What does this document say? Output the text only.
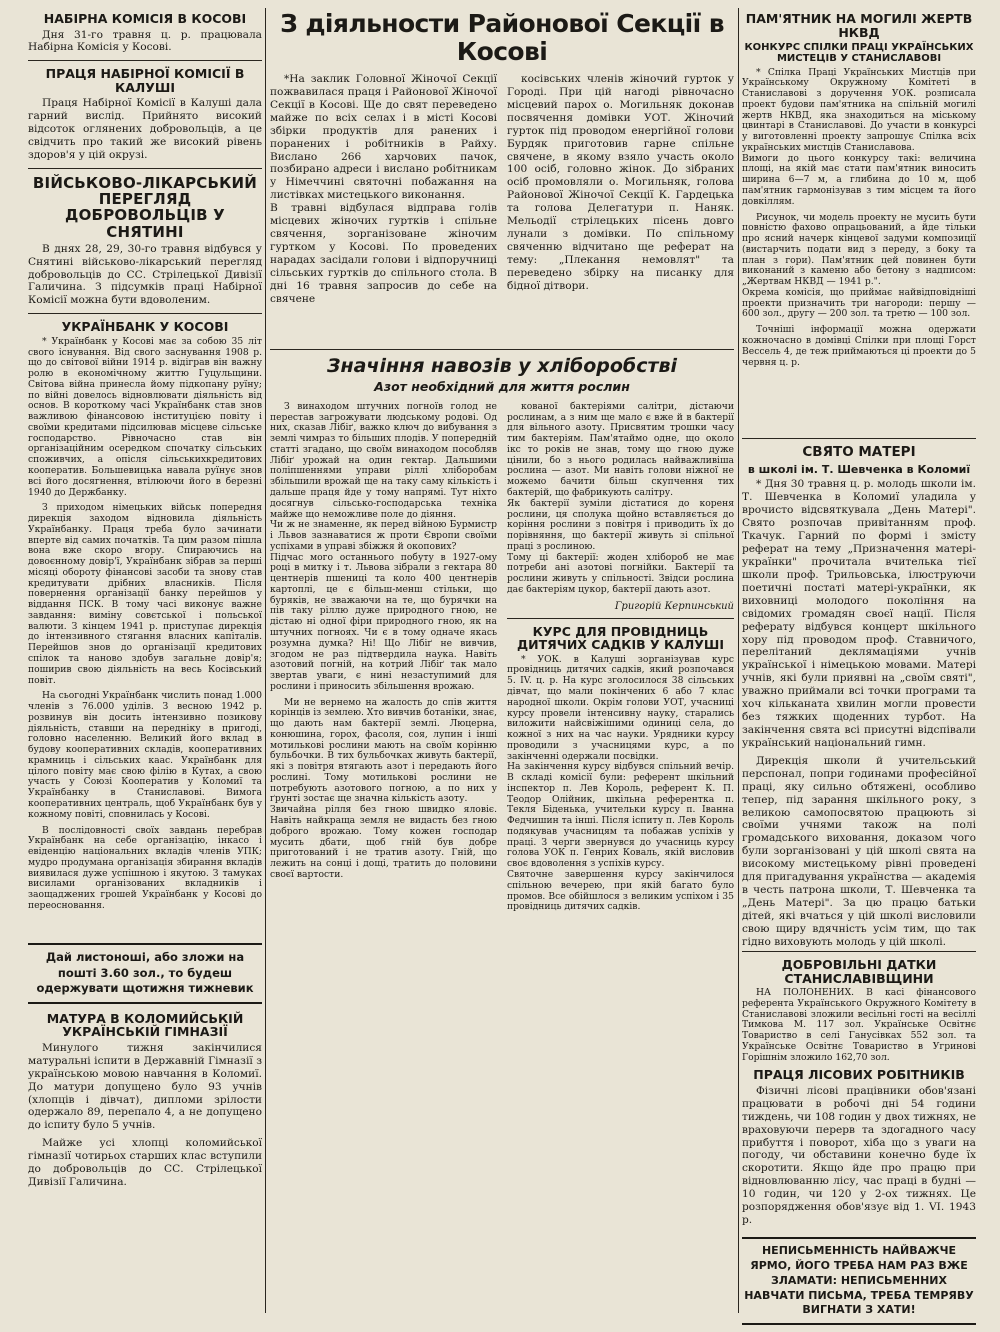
НАБІРНА КОМІСІЯ В КОСОВІ

Дня 31-го травня ц. р. працювала Набірна Комісія у Косові.

ПРАЦЯ НАБІРНОЇ КОМІСІЇ В КАЛУШІ

Праця Набірної Комісії в Калуші дала гарний вислід. Прийнято високий відсоток оглянених добровольців, а це свідчить про такий же високий рівень здоров'я у цій окрузі.

ВІЙСЬКОВО-ЛІКАРСЬКИЙ ПЕРЕГЛЯД ДОБРОВОЛЬЦІВ У СНЯТИНІ

В днях 28, 29, 30-го травня відбувся у Снятині військово-лікарський перегляд добровольців до СС. Стрілецької Дивізії Галичина. З підсумків праці Набірної Комісії можна бути вдоволеним.

УКРАЇНБАНК У КОСОВІ

* Українбанк у Косові має за собою 35 літ свого існування. Від свого заснування 1908 р. що до світової війни 1914 р. відіграв він важну ролю в економічному життю Гуцульщини. Світова війна принесла йому підкопану руїну; по війні довелось відновлювати діяльність від основ. В короткому часі Українбанк став знов важливою фінансовою інституцією повіту і своїми кредитами підсилював місцеве сільське господарство. Рівночасно став він організаційним осередком спочатку сільських споживчих, а опісля сільськихкредитових кооператив. Большевицька навала руїнує знов всі його досягнення, втілюючи його в березні 1940 до Держбанку.

З приходом німецьких військ попередня дирекція заходом відновила діяльність Українбанку. Праця треба було зачинати вперте від самих початків. Та цим разом пішла вона вже скоро вгору. Спираючись на довоєнному довір'ї, Українбанк зібрав за перші місяці обороту фінансові засоби та знову став кредитувати дрібних власників. Після повернення організації банку перейшов у віддання ПСК. В тому часі виконує важне завдання: виміну совєтської і польської валюти. З кінцем 1941 р. приступає дирекція до інтензивного стягання власних капіталів. Перейшов знов до організації кредитових спілок та наново здобув загальне довір'я; поширив свою діяльність на весь Косівський повіт.

На сьогодні Українбанк числить понад 1.000 членів з 76.000 уділів. З весною 1942 р. розвинув він досить інтензивно позикову діяльність, ставши на передніку в пригоді, головно населенню. Великий його вклад в будову кооперативних складів, кооперативних крамниць і сільських каас. Українбанк для цілого повіту має свою філію в Кутах, а свою участь у Союзі Кооператив у Коломиї та Українбанку в Станиславові. Вимога кооперативних централь, щоб Українбанк був у кожному повіті, сповнилась у Косові.

В послідовності своїх завдань перебрав Українбанк на себе організацію, інкасо і евіденцію національних вкладів членів УПК; мудро продумана організація збирання вкладів виявилася дуже успішною і якутою. З тамуках висилами організованих вкладників і заощаджених грошей Українбанк у Косові до переосновання.

Дай листоноші, або зложи на пошті 3.60 зол., то будеш одержувати щотижня тижневик
МАТУРА В КОЛОМИЙСЬКІЙ УКРАЇНСЬКІЙ ГІМНАЗІЇ

Минулого тижня закінчилися матуральні іспити в Державній Гімназії з українською мовою навчання в Коломиї. До матури допущено було 93 учнів (хлопців і дівчат), дипломи зрілости одержало 89, перепало 4, а не допущено до іспиту було 5 учнів.

Майже усі хлопці коломийської гімназії чотирьох старших клас вступили до добровольців до СС. Стрілецької Дивізії Галичина.

З діяльности Районової Секції в Косові

*На заклик Головної Жіночої Секції пожвавилася праця і Районової Жіночої Секції в Косові. Ще до свят переведено майже по всіх селах і в місті Косові збірки продуктів для ранених і поранених і робітників в Райху. Вислано 266 харчових пачок, позбирано адреси і вислано робітникам у Німеччині святочні побажання на листівках мистецького виконання.
В травні відбулася відправа голів місцевих жіночих гуртків і спільне свячення, зорганізоване жіночим гуртком у Косові. По проведених нарадах засідали голови і відпоручниці сільських гуртків до спільного стола. В дні 16 травня запросив до себе на свячене

косівських членів жіночий гурток у Городі. При цій нагоді рівночасно місцевий парох о. Могильняк доконав посвячення домівки УОТ. Жіночий гурток під проводом енергійної голови Бурдяк приготовив гарне спільне свячене, в якому взяло участь около 100 осіб, головно жінок. До зібраних осіб промовляли о. Могильняк, голова Районової Жіночої Секції К. Гардецька та голова Делегатури п. Наняк. Мельодії стрілецьких пісень довго лунали з домівки. По спільному свяченню відчитано ще реферат на тему: „Плекання немовлят" та переведено збірку на писанку для бідної дітвори.

Значіння навозів у хліборобстві
Азот необхідний для життя рослин

З винаходом штучних погноїв голод не перестав загрожувати людському родові. Од них, сказав Лібіґ, важко ключ до вибування з землі чимраз то більших плодів. У попередній статті згадано, що своїм винаходом пособляв Лібіґ урожай на один гектар. Дальшими поліпшеннями управи ріллі хліборобам збільшили врожай ще на таку саму кількість і дальше праця йде у тому напрямі. Тут ніхто досягнув сільсько-господарська техніка майже що неможливе поле до діяння.
Чи ж не знаменне, як перед війною Бурмистр і Львов зазнаватися ж проти Європи своїми успіхами в управі збіжжя й окопових?
Підчас мого останнього побуту в 1927-ому році в митку і т. Львова зібрали з гектара 80 центнерів пшениці та коло 400 центнерів картоплі, це є більш-менш стільки, що буряків, не зважаючи на те, що бурячки на пів таку ріллю дуже природного гною, не дістаю ні одної фіри природного гною, як на штучних погноях. Чи є в тому одначе якась розумна думка? Ні! Що Лібіґ не вивчив, згодом не раз підтвердила наука. Навіть азотовий погній, на котрий Лібіґ так мало звертав уваги, є нині незаступимий для рослини і приносить збільшення врожаю.

Ми не вернемо на жалость до спів життя корінців із землею. Хто вивчив ботаніки, знає, що дають нам бактерії землі. Люцерна, конюшина, горох, фасоля, соя, лупин і інші мотилькові рослини мають на своїм корінню бульбочки. В тих бульбочках живуть бактерії, які з повітря втягають азот і передають його рослині. Тому мотилькові рослини не потребують азотового погною, а по них у ґрунті зостає ще значна кількість азоту.
Звичайна рілля без гною швидко яловіє. Навіть найкраща земля не видасть без гною доброго врожаю. Тому кожен господар мусить дбати, щоб гній був добре приготований і не тратив азоту. Гній, що лежить на сонці і дощі, тратить до половини своєї вартости.

кованої бактеріями салітри, дістаючи рослинам, а з ним ще мало є вже й в бактерії для вільного азоту. Присвятим трошки часу тим бактеріям. Пам'ятаймо одне, що около ікс то років не знав, тому що гною дуже цінили, бо з нього родилась найважливіша рослина — азот. Ми навіть голови ніжної не можемо бачити більш скупчення тих бактерій, що фабрикують салітру.
Як бактерії зуміли дістатися до кореня рослини, ця сполука щойно вставляється до коріння рослини з повітря і приводить їх до порівняння, що бактерії живуть зі спільної праці з рослиною.
Тому ці бактерії: жоден хлібороб не має потреби ані азотові погнійки. Бактерії та рослини живуть у спільності. Звідси рослина дає бактеріям цукор, бактерії дають азот.

Григорій Керпинський
КУРС ДЛЯ ПРОВІДНИЦЬ ДИТЯЧИХ САДКІВ У КАЛУШІ

* УОК. в Калуші зорганізував курс провідниць дитячих садків, який розпочався 5. IV. ц. р. На курс зголосилося 38 сільських дівчат, що мали покінчених 6 або 7 клас народної школи. Окрім голови УОТ, учасниці курсу провели інтенсивну науку, старались виложити найсвіжішими одиниці села, до кожної з них на час науки. Урядники курсу проводили з учасницями курс, а по закінченні одержали посвідки.
На закінчення курсу відбувся спільний вечір. В складі комісії були: референт шкільний інспектор п. Лев Король, референт К. П. Теодор Олійник, шкільна референтка п. Текля Біденька, учительки курсу п. Іванна Федчишин та інші. Після іспиту п. Лев Король подякував учасницям та побажав успіхів у праці. З черги звернувся до учасниць курсу голова УОК п. Генрих Коваль, якій висловив своє вдоволення з успіхів курсу.
Святочне завершення курсу закінчилося спільною вечерею, при якій багато було промов. Все обійшлося з великим успіхом і 35 провідниць дитячих садків.

ПАМ'ЯТНИК НА МОГИЛІ ЖЕРТВ НКВД
КОНКУРС СПІЛКИ ПРАЦІ УКРАЇНСЬКИХ МИСТЕЦІВ У СТАНИСЛАВОВІ

* Спілка Праці Українських Мистців при Українському Окружному Комітеті в Станиславові з доручення УОК. розписала проект будови пам'ятника на спільній могилі жертв НКВД, яка знаходиться на міському цвинтарі в Станиславові. До участи в конкурсі у виготовленні проекту запрошує Спілка всіх українських мистців Станиславова.
Вимоги до цього конкурсу такі: величина площі, на якій має стати пам'ятник виносить ширина 6—7 м, а глибина до 10 м, щоб пам'ятник гармонізував з тим місцем та його довкіллям.

Рисунок, чи модель проекту не мусить бути повністю фахово опрацьований, а йде тільки про ясний начерк кінцевої задуми композиції (вистарчить подати вид з переду, з боку та план з гори). Пам'ятник цей повинен бути виконаний з каменю або бетону з надписом: „Жертвам НКВД — 1941 р.".
Окрема комісія, що приймає найвідповідніші проекти призначить три нагороди: першу — 600 зол., другу — 200 зол. та третю — 100 зол.

Точніші інформації можна одержати кожночасно в домівці Спілки при площі Горст Вессель 4, де теж приймаються ці проекти до 5 червня ц. р.

СВЯТО МАТЕРІ
в школі ім. Т. Шевченка в Коломиї

* Дня 30 травня ц. р. молодь школи ім. Т. Шевченка в Коломиї уладила у врочисто відсвяткувала „День Матері". Свято розпочав привітанням проф. Ткачук. Гарний по формі і змісту реферат на тему „Призначення матері-українки" прочитала вчителька тієї школи проф. Трильовська, ілюструючи поетичні постаті матері-українки, як виховниці молодого покоління на свідомих громадян своєї нації. Після реферату відбувся концерт шкільного хору під проводом проф. Ставничого, перелітаний деклямаціями учнів української і німецькою мовами. Матері учнів, які були приявні на „своїм святі", уважно приймали всі точки програми та хоч кільканата хвилин могли провести без тяжких щоденних турбот. На закінчення свята всі присутні відспівали український національний гимн.

Дирекція школи й учительський перспонал, попри годинами професійної праці, яку сильно обтяжені, особливо тепер, під зарання шкільного року, з великою самопосвятою працюють зі своїми учнями також на полі громадського виховання, доказом чого були зорганізовані у цій школі свята на високому мистецькому рівні проведені для пригадування українства — академія в честь патрона школи, Т. Шевченка та „День Матері". За цю працю батьки дітей, які вчаться у цій школі висловили свою щиру вдячність усім тим, що так гідно виховують молодь у цій школі.

ДОБРОВІЛЬНІ ДАТКИ СТАНИСЛАВІВЩИНИ

НА ПОЛОНЕНИХ. В касі фінансового референта Українського Окружного Комітету в Станиславові зложили весільні гості на весіллі Тимкова М. 117 зол. Українське Освітнє Товариство в селі Ганусівках 552 зол. та Українське Освітнє Товариство в Угринові Горішнім зложило 162,70 зол.

ПРАЦЯ ЛІСОВИХ РОБІТНИКІВ

Фізичні лісові працівники обов'язані працювати в робочі дні 54 години тиждень, чи 108 годин у двох тижнях, не враховуючи перерв та здогадного часу прибуття і поворот, хіба що з уваги на погоду, чи обставини конечно буде їх скоротити. Якщо йде про працю при відновлюванню лісу, час праці в будні — 10 годин, чи 120 у 2-ох тижнях. Це розпорядження обов'язує від 1. VI. 1943 р.

НЕПИСЬМЕННІСТЬ НАЙВАЖЧЕ ЯРМО, ЙОГО ТРЕБА НАМ РАЗ ВЖЕ ЗЛАМАТИ: НЕПИСЬМЕННИХ НАВЧАТИ ПИСЬМА, ТРЕБА ТЕМРЯВУ ВИГНАТИ З ХАТИ!
